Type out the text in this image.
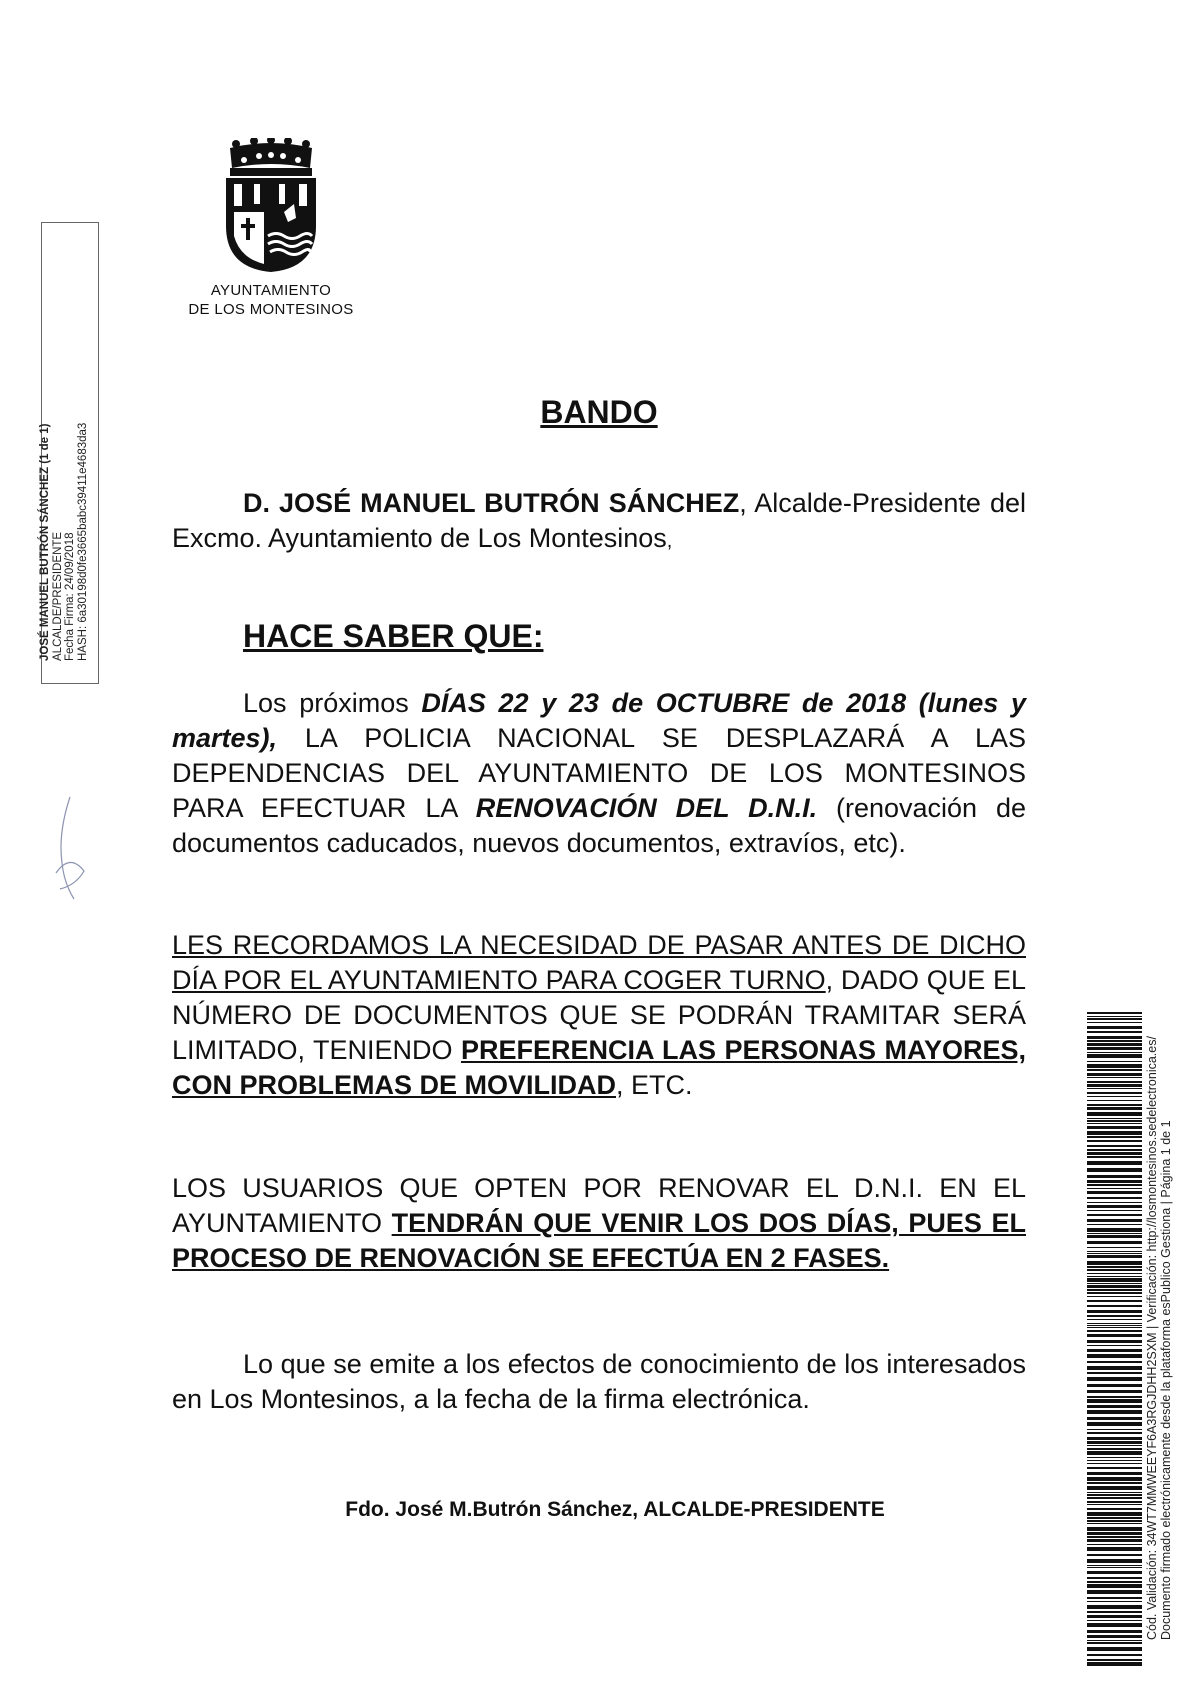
AYUNTAMIENTO
DE LOS MONTESINOS
BANDO
D. JOSÉ MANUEL BUTRÓN SÁNCHEZ, Alcalde-Presidente del Excmo. Ayuntamiento de Los Montesinos,
HACE SABER QUE:
Los próximos DÍAS 22 y 23 de OCTUBRE de 2018 (lunes y martes), LA POLICIA NACIONAL SE DESPLAZARÁ A LAS DEPENDENCIAS DEL AYUNTAMIENTO DE LOS MONTESINOS PARA EFECTUAR LA RENOVACIÓN DEL D.N.I. (renovación de documentos caducados, nuevos documentos, extravíos, etc).
LES RECORDAMOS LA NECESIDAD DE PASAR ANTES DE DICHO DÍA POR EL AYUNTAMIENTO PARA COGER TURNO, DADO QUE EL NÚMERO DE DOCUMENTOS QUE SE PODRÁN TRAMITAR SERÁ LIMITADO, TENIENDO PREFERENCIA LAS PERSONAS MAYORES, CON PROBLEMAS DE MOVILIDAD, ETC.
LOS USUARIOS QUE OPTEN POR RENOVAR EL D.N.I. EN EL AYUNTAMIENTO TENDRÁN QUE VENIR LOS DOS DÍAS, PUES EL PROCESO DE RENOVACIÓN SE EFECTÚA EN 2 FASES.
Lo que se emite a los efectos de conocimiento de los interesados en Los Montesinos, a la fecha de la firma electrónica.
Fdo. José M.Butrón Sánchez, ALCALDE-PRESIDENTE
JOSÉ MANUEL BUTRÓN SÁNCHEZ (1 de 1) ALCALDE/PRESIDENTE Fecha Firma: 24/09/2018 HASH: 6a30198d0fe3665babc39411e4683da3
Cód. Validación: 34WT7MMWEEYF6A3RGJDHH2SXM | Verificación: http://losmontesinos.sedelectronica.es/ Documento firmado electrónicamente desde la plataforma esPublico Gestiona | Página 1 de 1
